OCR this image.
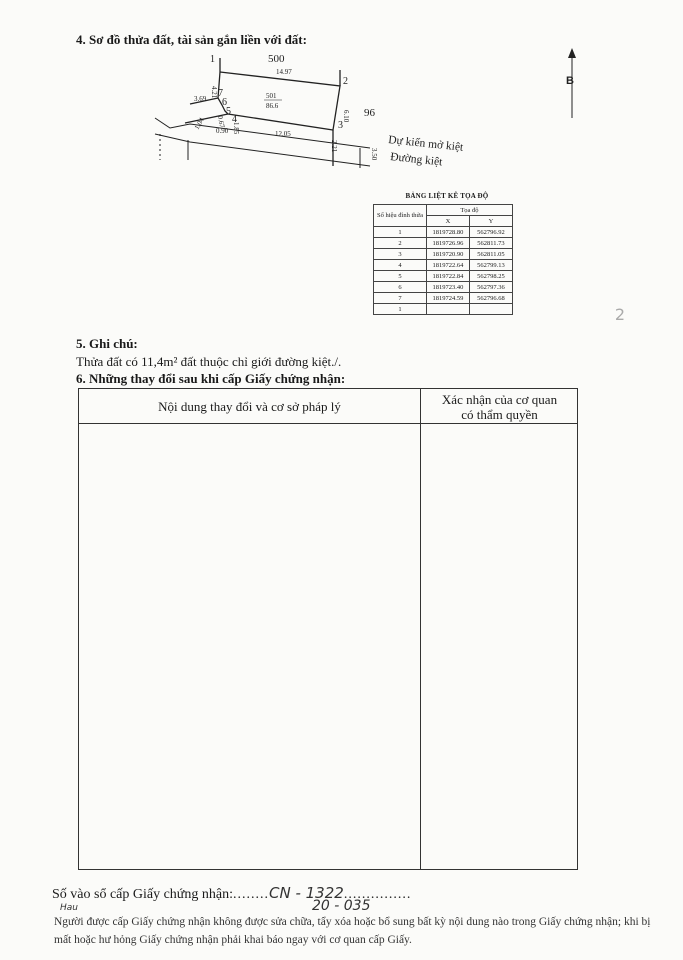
4. Sơ đồ thửa đất, tài sản gắn liền với đất:
500
14.97
96
501
86.6
12.05
6.10
4.21
3.69
1.04 0.90
0.67 1.85
2.21
3.50
1
2
3
4
5
6
7
Dự kiến mở kiệt
Đường kiệt
B
BẢNG LIỆT KÊ TỌA ĐỘ
Số hiệu đỉnh thửa	Tọa độ	
	X	Y
1	1819728.80	562796.92
2	1819726.96	562811.73
3	1819720.90	562811.05
4	1819722.64	562799.13
5	1819722.84	562798.25
6	1819723.40	562797.36
7	1819724.59	562796.68
1		
5. Ghi chú:
Thửa đất có 11,4m² đất thuộc chỉ giới đường kiệt./.
6. Những thay đổi sau khi cấp Giấy chứng nhận:
Nội dung thay đổi và cơ sở pháp lý	Xác nhận của cơ quan
có thẩm quyền
Số vào sổ cấp Giấy chứng nhận:........CN - 1322...............
20 - 035
Hau
Người được cấp Giấy chứng nhận không được sửa chữa, tẩy xóa hoặc bổ sung bất kỳ nội dung nào trong Giấy chứng nhận; khi bị mất hoặc hư hỏng Giấy chứng nhận phải khai báo ngay với cơ quan cấp Giấy.
2
